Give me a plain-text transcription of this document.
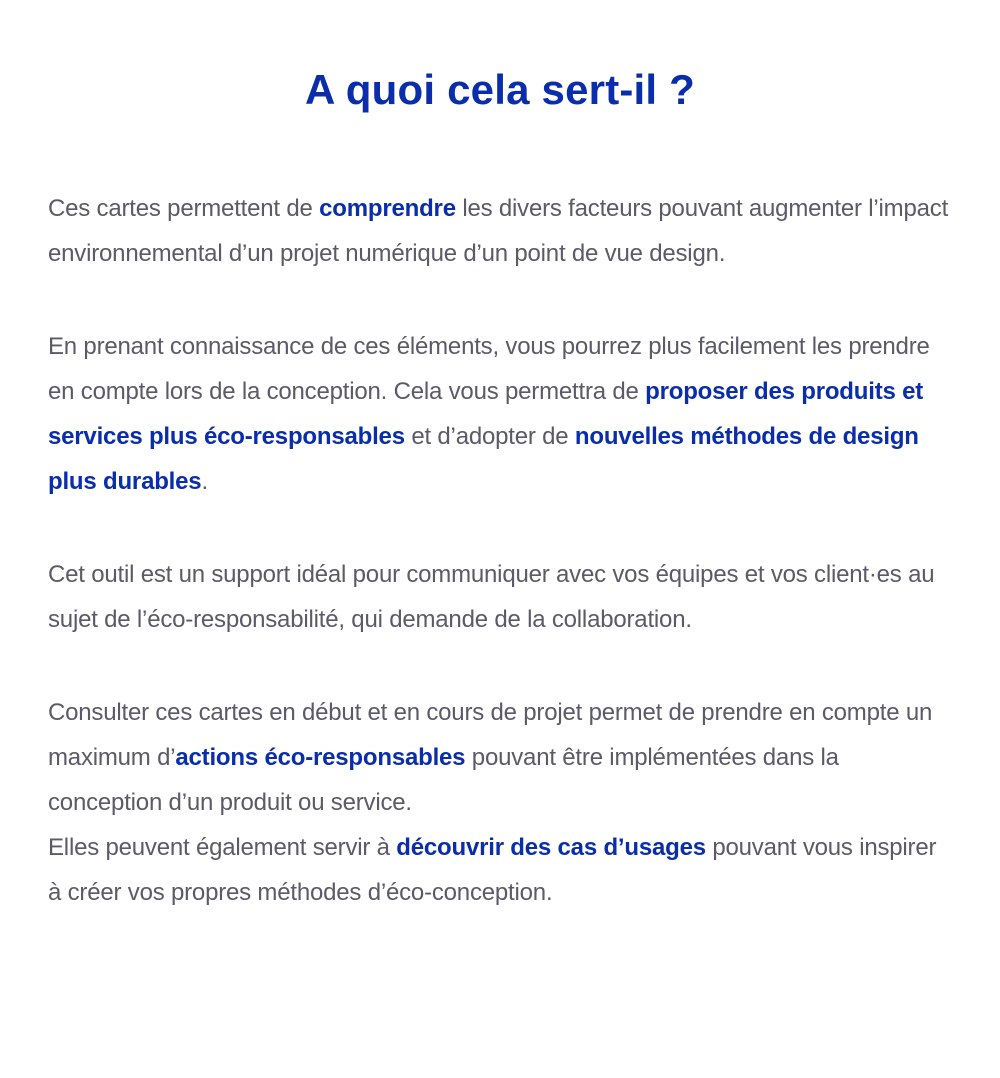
A quoi cela sert-il ?

Ces cartes permettent de comprendre les divers facteurs pouvant augmenter l’impact environnemental d’un projet numérique d’un point de vue design.

En prenant connaissance de ces éléments, vous pourrez plus facilement les prendre en compte lors de la conception. Cela vous permettra de proposer des produits et services plus éco-responsables et d’adopter de nouvelles méthodes de design plus durables.

Cet outil est un support idéal pour communiquer avec vos équipes et vos client·es au sujet de l’éco-responsabilité, qui demande de la collaboration.

Consulter ces cartes en début et en cours de projet permet de prendre en compte un maximum d’actions éco-responsables pouvant être implémentées dans la conception d’un produit ou service.
Elles peuvent également servir à découvrir des cas d’usages pouvant vous inspirer à créer vos propres méthodes d’éco-conception.
